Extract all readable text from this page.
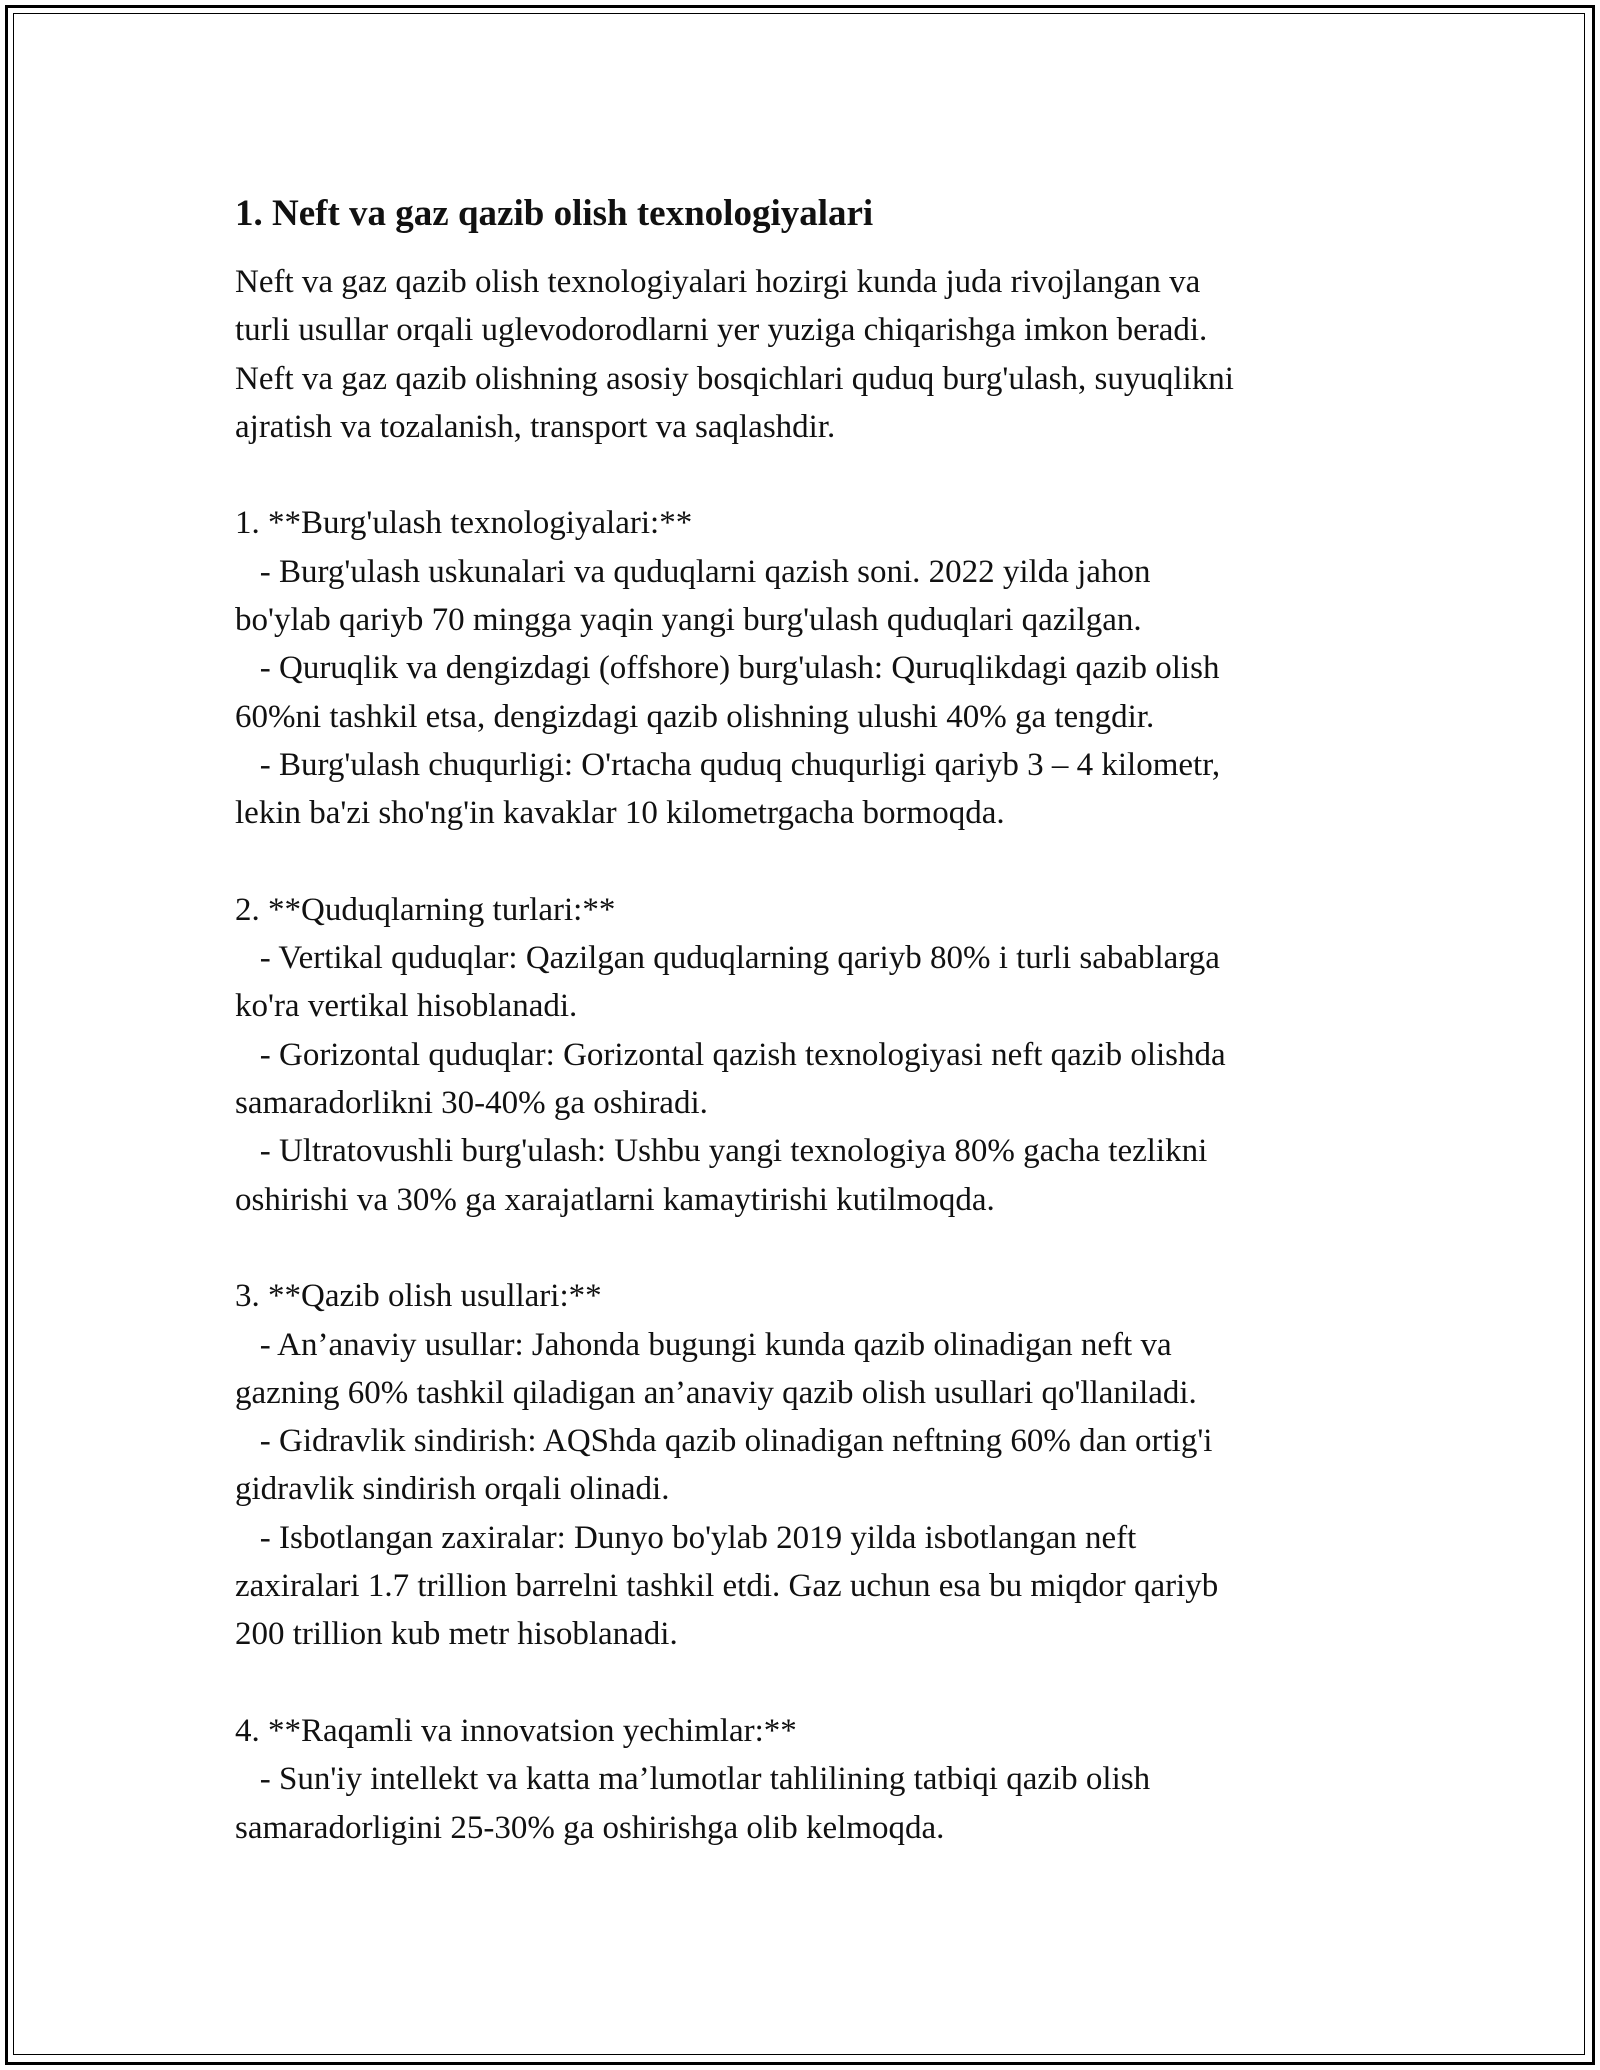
1. Neft va gaz qazib olish texnologiyalari

Neft va gaz qazib olish texnologiyalari hozirgi kunda juda rivojlangan va
turli usullar orqali uglevodorodlarni yer yuziga chiqarishga imkon beradi.
Neft va gaz qazib olishning asosiy bosqichlari quduq burg'ulash, suyuqlikni
ajratish va tozalanish, transport va saqlashdir.

1. **Burg'ulash texnologiyalari:**
- Burg'ulash uskunalari va quduqlarni qazish soni. 2022 yilda jahon
bo'ylab qariyb 70 mingga yaqin yangi burg'ulash quduqlari qazilgan.
- Quruqlik va dengizdagi (offshore) burg'ulash: Quruqlikdagi qazib olish
60%ni tashkil etsa, dengizdagi qazib olishning ulushi 40% ga tengdir.
- Burg'ulash chuqurligi: O'rtacha quduq chuqurligi qariyb 3 – 4 kilometr,
lekin ba'zi sho'ng'in kavaklar 10 kilometrgacha bormoqda.

2. **Quduqlarning turlari:**
- Vertikal quduqlar: Qazilgan quduqlarning qariyb 80% i turli sabablarga
ko'ra vertikal hisoblanadi.
- Gorizontal quduqlar: Gorizontal qazish texnologiyasi neft qazib olishda
samaradorlikni 30-40% ga oshiradi.
- Ultratovushli burg'ulash: Ushbu yangi texnologiya 80% gacha tezlikni
oshirishi va 30% ga xarajatlarni kamaytirishi kutilmoqda.

3. **Qazib olish usullari:**
- An’anaviy usullar: Jahonda bugungi kunda qazib olinadigan neft va
gazning 60% tashkil qiladigan an’anaviy qazib olish usullari qo'llaniladi.
- Gidravlik sindirish: AQShda qazib olinadigan neftning 60% dan ortig'i
gidravlik sindirish orqali olinadi.
- Isbotlangan zaxiralar: Dunyo bo'ylab 2019 yilda isbotlangan neft
zaxiralari 1.7 trillion barrelni tashkil etdi. Gaz uchun esa bu miqdor qariyb
200 trillion kub metr hisoblanadi.

4. **Raqamli va innovatsion yechimlar:**
- Sun'iy intellekt va katta ma’lumotlar tahlilining tatbiqi qazib olish
samaradorligini 25-30% ga oshirishga olib kelmoqda.
